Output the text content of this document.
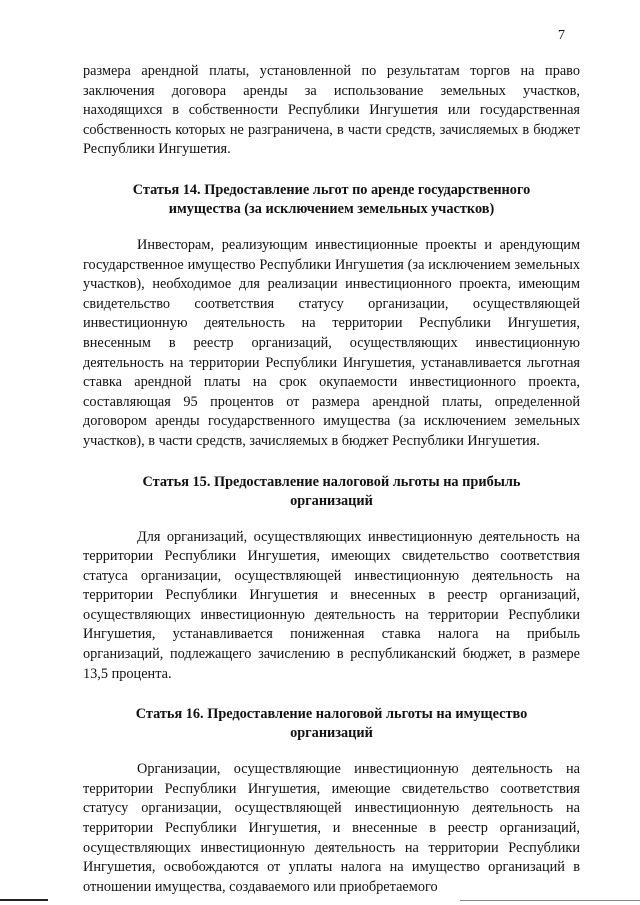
7

размера арендной платы, установленной по результатам торгов на право заключения договора аренды за использование земельных участков, находящихся в собственности Республики Ингушетия или государственная собственность которых не разграничена, в части средств, зачисляемых в бюджет Республики Ингушетия.

Статья 14. Предоставление льгот по аренде государственного имущества (за исключением земельных участков)

Инвесторам, реализующим инвестиционные проекты и арендующим государственное имущество Республики Ингушетия (за исключением земельных участков), необходимое для реализации инвестиционного проекта, имеющим свидетельство соответствия статусу организации, осуществляющей инвестиционную деятельность на территории Республики Ингушетия, внесенным в реестр организаций, осуществляющих инвестиционную деятельность на территории Республики Ингушетия, устанавливается льготная ставка арендной платы на срок окупаемости инвестиционного проекта, составляющая 95 процентов от размера арендной платы, определенной договором аренды государственного имущества (за исключением земельных участков), в части средств, зачисляемых в бюджет Республики Ингушетия.

Статья 15. Предоставление налоговой льготы на прибыль организаций

Для организаций, осуществляющих инвестиционную деятельность на территории Республики Ингушетия, имеющих свидетельство соответствия статуса организации, осуществляющей инвестиционную деятельность на территории Республики Ингушетия и внесенных в реестр организаций, осуществляющих инвестиционную деятельность на территории Республики Ингушетия, устанавливается пониженная ставка налога на прибыль организаций, подлежащего зачислению в республиканский бюджет, в размере 13,5 процента.

Статья 16. Предоставление налоговой льготы на имущество организаций

Организации, осуществляющие инвестиционную деятельность на территории Республики Ингушетия, имеющие свидетельство соответствия статусу организации, осуществляющей инвестиционную деятельность на территории Республики Ингушетия, и внесенные в реестр организаций, осуществляющих инвестиционную деятельность на территории Республики Ингушетия, освобождаются от уплаты налога на имущество организаций в отношении имущества, создаваемого или приобретаемого
